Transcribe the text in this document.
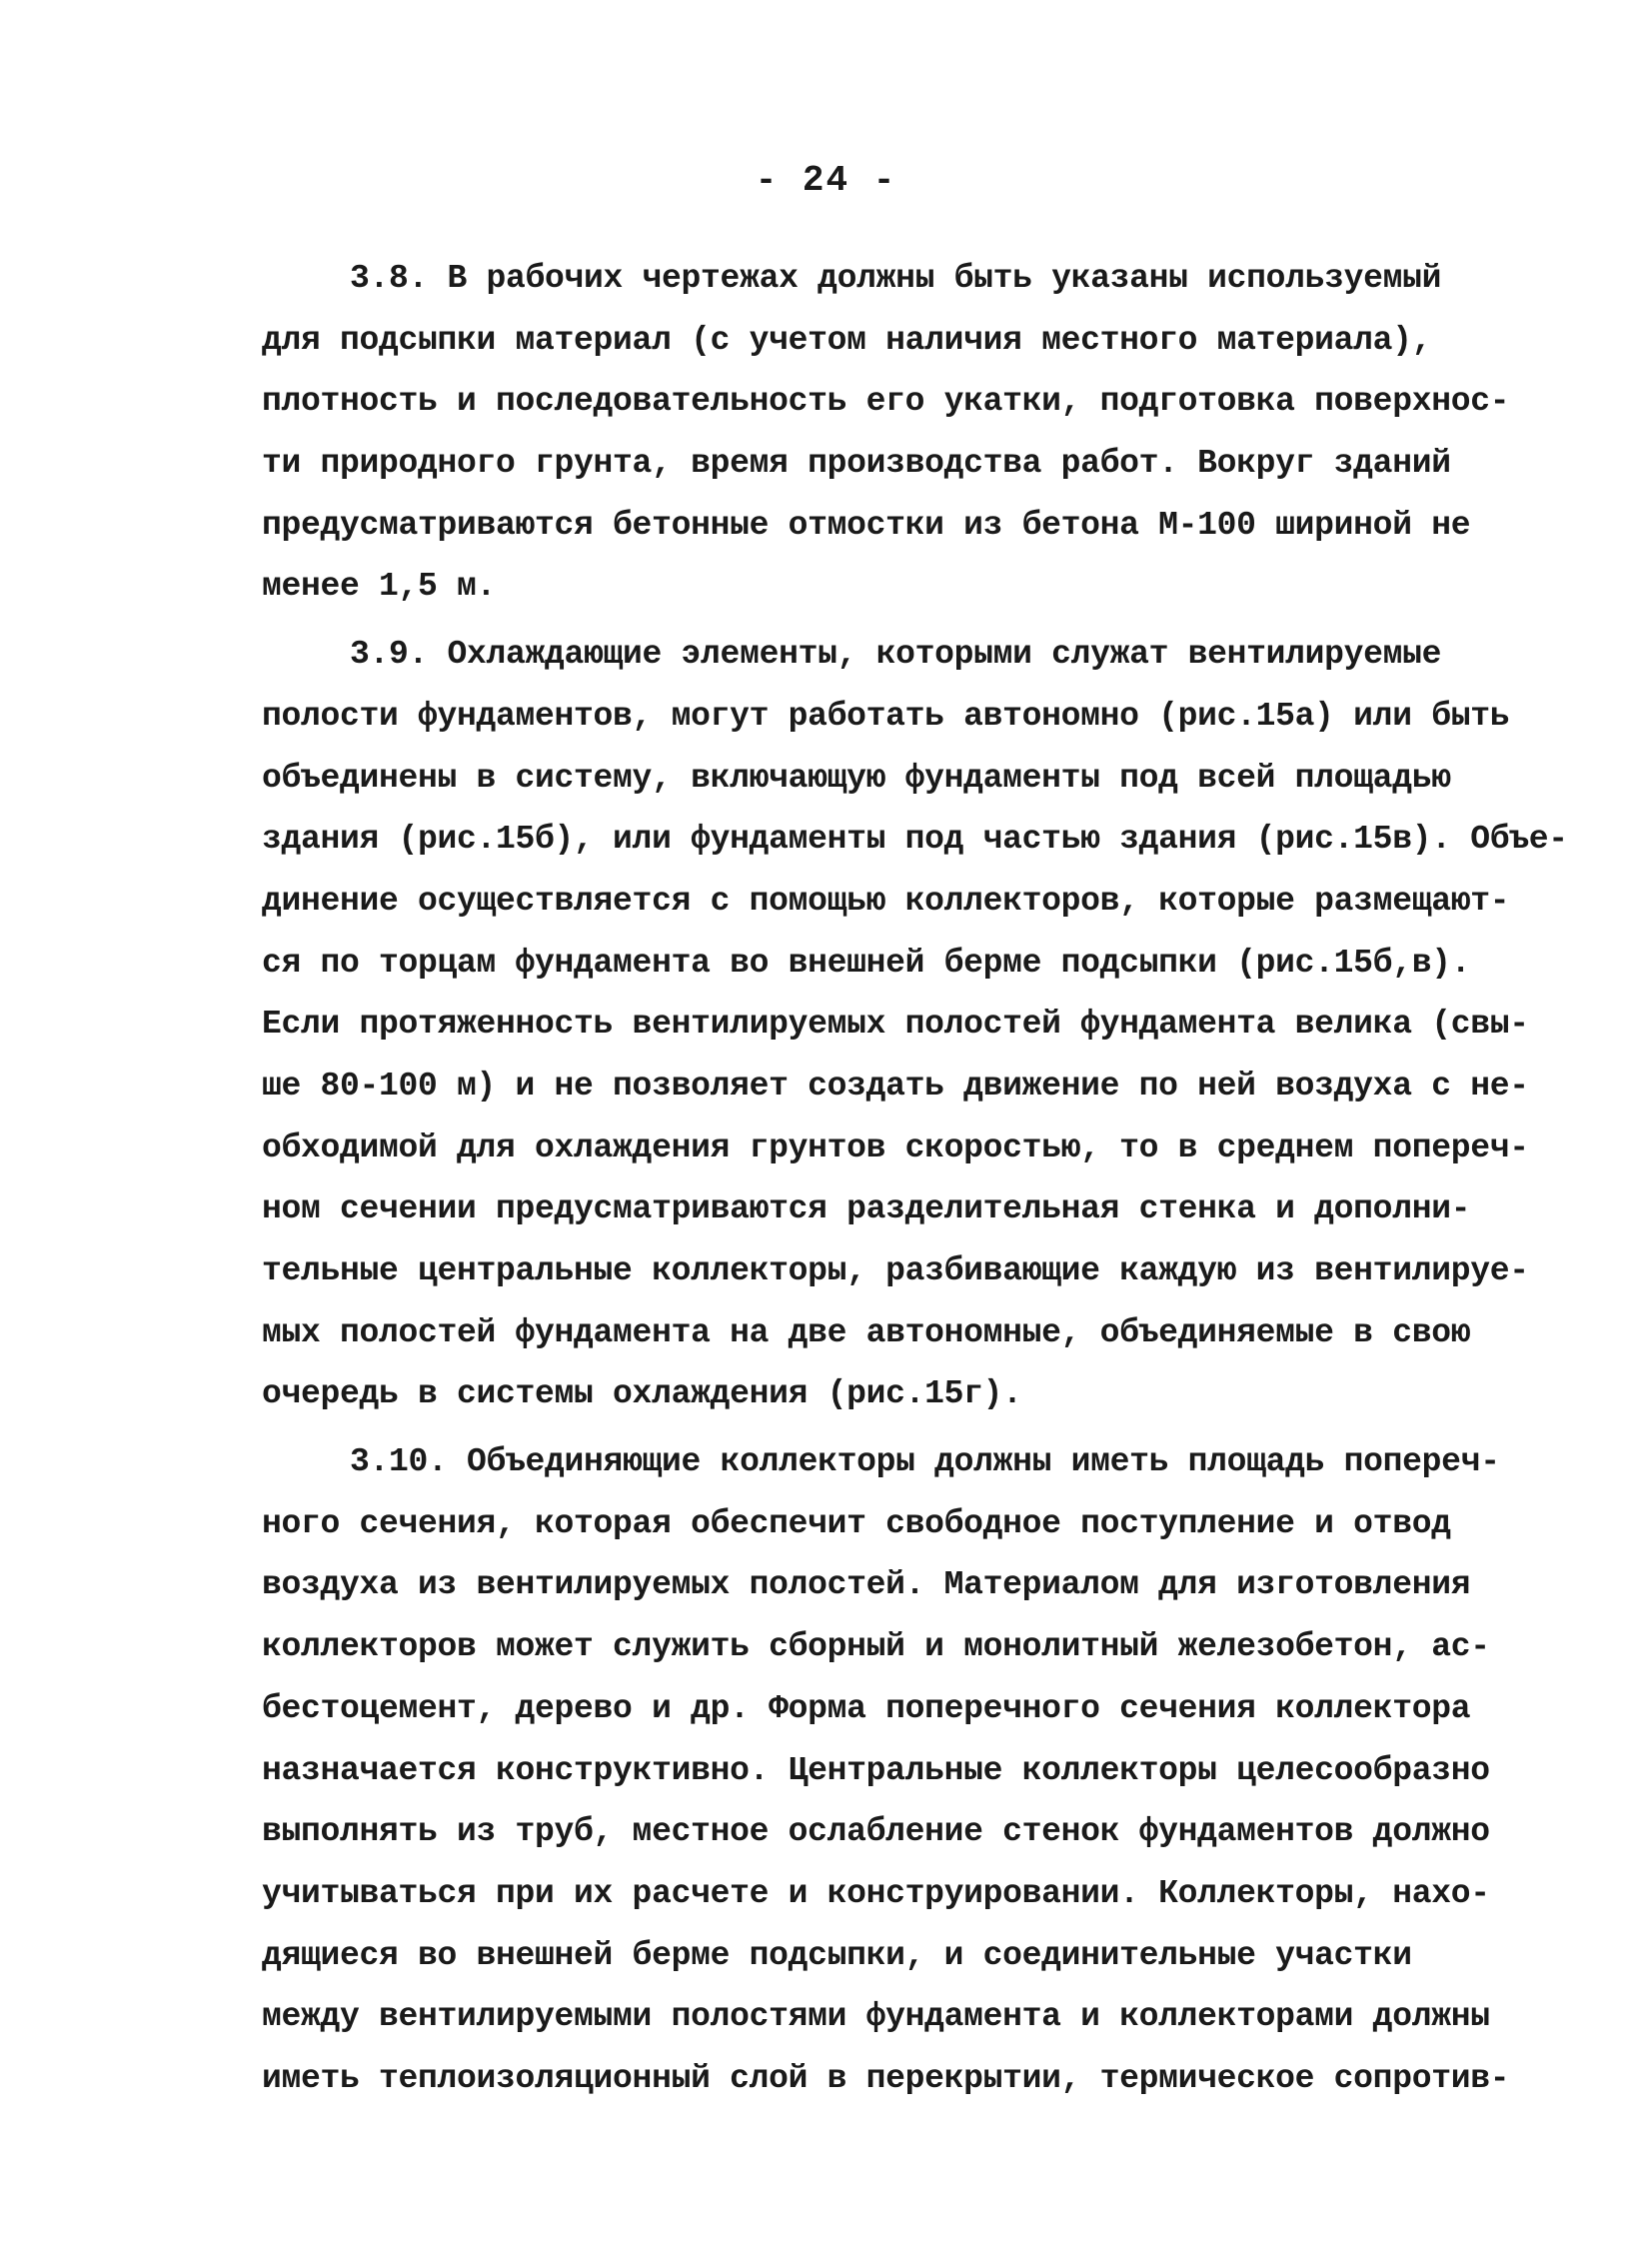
- 24 -
3.8. В рабочих чертежах должны быть указаны используемый
для подсыпки материал (с учетом наличия местного материала),
плотность и последовательность его укатки, подготовка поверхнос-
ти природного грунта, время производства работ. Вокруг зданий
предусматриваются бетонные отмостки из бетона М-100 шириной не
менее 1,5 м.
3.9. Охлаждающие элементы, которыми служат вентилируемые
полости фундаментов, могут работать автономно (рис.15а) или быть
объединены в систему, включающую фундаменты под всей площадью
здания (рис.15б), или фундаменты под частью здания (рис.15в). Объе-
динение осуществляется с помощью коллекторов, которые размещают-
ся по торцам фундамента во внешней берме подсыпки (рис.15б,в).
Если протяженность вентилируемых полостей фундамента велика (свы-
ше 80-100 м) и не позволяет создать движение по ней воздуха с не-
обходимой для охлаждения грунтов скоростью, то в среднем попереч-
ном сечении предусматриваются разделительная стенка и дополни-
тельные центральные коллекторы, разбивающие каждую из вентилируе-
мых полостей фундамента на две автономные, объединяемые в свою
очередь в системы охлаждения (рис.15г).
3.10. Объединяющие коллекторы должны иметь площадь попереч-
ного сечения, которая обеспечит свободное поступление и отвод
воздуха из вентилируемых полостей. Материалом для изготовления
коллекторов может служить сборный и монолитный железобетон, ас-
бестоцемент, дерево и др. Форма поперечного сечения коллектора
назначается конструктивно. Центральные коллекторы целесообразно
выполнять из труб, местное ослабление стенок фундаментов должно
учитываться при их расчете и конструировании. Коллекторы, нахо-
дящиеся во внешней берме подсыпки, и соединительные участки
между вентилируемыми полостями фундамента и коллекторами должны
иметь теплоизоляционный слой в перекрытии, термическое сопротив-
